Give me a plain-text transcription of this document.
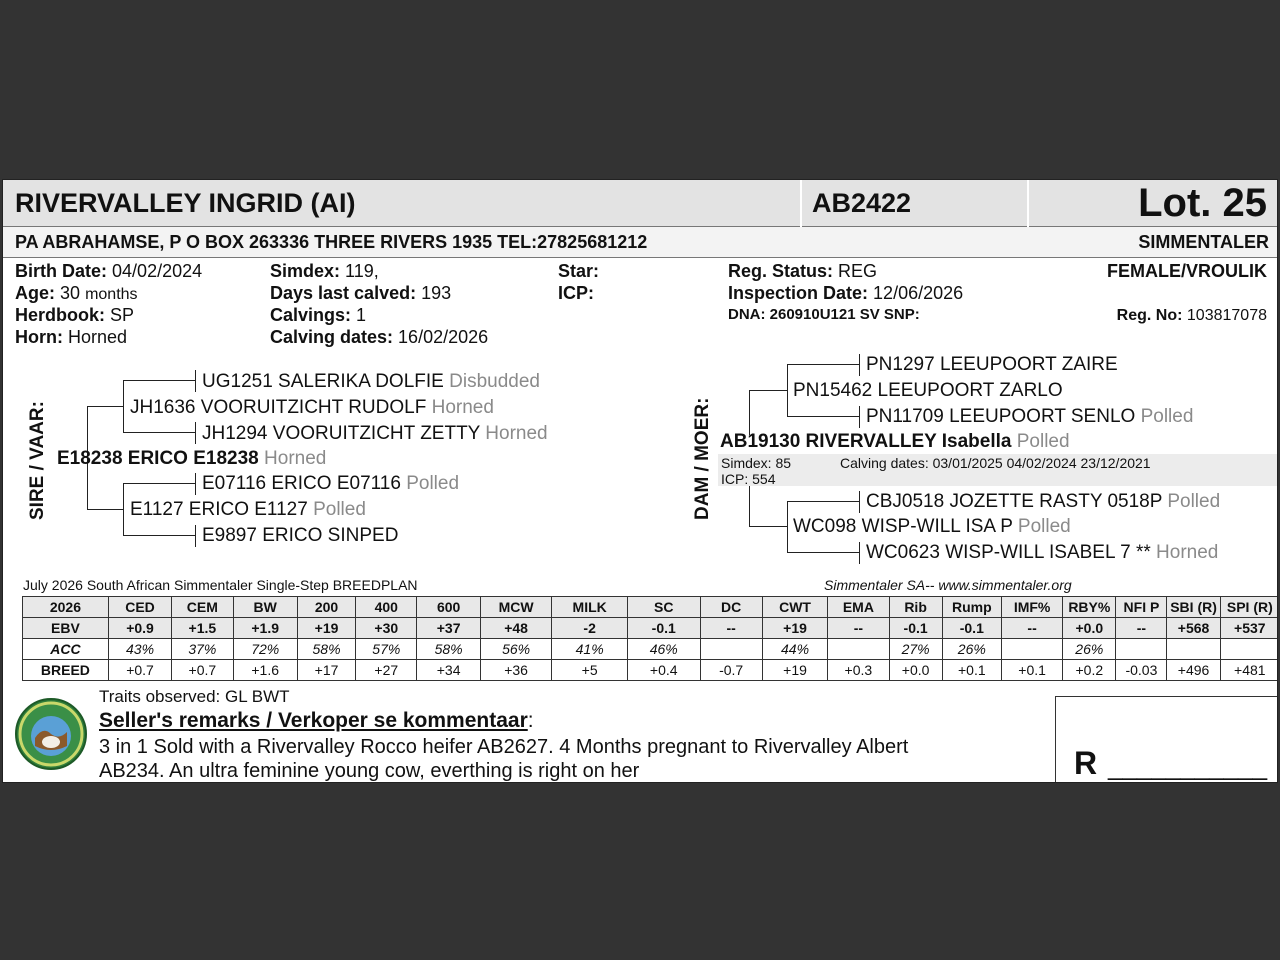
RIVERVALLEY INGRID (AI)	AB2422	Lot. 25
PA ABRAHAMSE, P O BOX 263336 THREE RIVERS 1935 TEL:27825681212	SIMMENTALER
Birth Date: 04/02/2024
Age: 30 months
Herdbook: SP
Horn: Horned
Simdex: 119,
Days last calved: 193
Calvings: 1
Calving dates: 16/02/2026
Star:
ICP:
Reg. Status: REG
Inspection Date: 12/06/2026
DNA: 260910U121 SV SNP:
FEMALE/VROULIK
Reg. No: 103817078
SIRE / VAAR:
UG1251 SALERIKA DOLFIE Disbudded
JH1636 VOORUITZICHT RUDOLF Horned
JH1294 VOORUITZICHT ZETTY Horned
E18238 ERICO E18238 Horned
E07116 ERICO E07116 Polled
E1127 ERICO E1127 Polled
E9897 ERICO SINPED
DAM / MOER:
PN1297 LEEUPOORT ZAIRE
PN15462 LEEUPOORT ZARLO
PN11709 LEEUPOORT SENLO Polled
AB19130 RIVERVALLEY Isabella Polled
Simdex: 85	Calving dates: 03/01/2025 04/02/2024 23/12/2021
ICP: 554
CBJ0518 JOZETTE RASTY 0518P Polled
WC098 WISP-WILL ISA P Polled
WC0623 WISP-WILL ISABEL 7 ** Horned
July 2026 South African Simmentaler Single-Step BREEDPLAN	Simmentaler SA-- www.simmentaler.org
2026	CED	CEM	BW	200	400	600	MCW	MILK	SC	DC	CWT	EMA	Rib	Rump	IMF%	RBY%	NFI P	SBI (R)	SPI (R)
EBV	+0.9	+1.5	+1.9	+19	+30	+37	+48	-2	-0.1	--	+19	--	-0.1	-0.1	--	+0.0	--	+568	+537
ACC	43%	37%	72%	58%	57%	58%	56%	41%	46%		44%		27%	26%		26%			
BREED	+0.7	+0.7	+1.6	+17	+27	+34	+36	+5	+0.4	-0.7	+19	+0.3	+0.0	+0.1	+0.1	+0.2	-0.03	+496	+481
Traits observed: GL BWT
Seller's remarks / Verkoper se kommentaar:
3 in 1 Sold with a Rivervalley Rocco heifer AB2627. 4 Months pregnant to Rivervalley Albert
AB234. An ultra feminine young cow, everthing is right on her	R ___________
